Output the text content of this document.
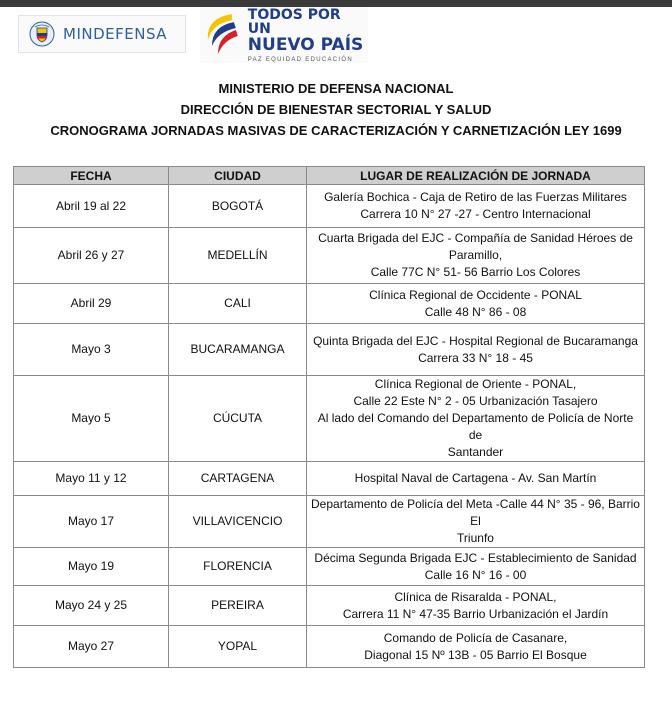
MINDEFENSA
TODOS POR UN
NUEVO PAÍS
PAZ EQUIDAD EDUCACIÓN
MINISTERIO DE DEFENSA NACIONAL
DIRECCIÓN DE BIENESTAR SECTORIAL Y SALUD
CRONOGRAMA JORNADAS MASIVAS DE CARACTERIZACIÓN Y CARNETIZACIÓN LEY 1699
FECHA	CIUDAD	LUGAR DE REALIZACIÓN DE JORNADA
Abril 19 al 22	BOGOTÁ	Galería Bochica - Caja de Retiro de las Fuerzas Militares
Carrera 10 N° 27 -27 - Centro Internacional

Abril 26 y 27	MEDELLÍN	Cuarta Brigada del EJC - Compañía de Sanidad Héroes de
Paramillo,
Calle 77C N° 51- 56 Barrio Los Colores

Abril 29	CALI	Clínica Regional de Occidente - PONAL
Calle 48 N° 86 - 08

Mayo 3	BUCARAMANGA	Quinta Brigada del EJC - Hospital Regional de Bucaramanga
Carrera 33 N° 18 - 45

Mayo 5	CÚCUTA	Clínica Regional de Oriente - PONAL,
Calle 22 Este N° 2 - 05 Urbanización Tasajero
Al lado del Comando del Departamento de Policía de Norte de
Santander

Mayo 11 y 12	CARTAGENA	Hospital Naval de Cartagena - Av. San Martín

Mayo 17	VILLAVICENCIO	Departamento de Policía del Meta -Calle 44 N° 35 - 96, Barrio El
Triunfo

Mayo 19	FLORENCIA	Décima Segunda Brigada EJC - Establecimiento de Sanidad
Calle 16 N° 16 - 00

Mayo 24 y 25	PEREIRA	Clínica de Risaralda - PONAL,
Carrera 11 N° 47-35 Barrio Urbanización el Jardín

Mayo 27	YOPAL	Comando de Policía de Casanare,
Diagonal 15 Nº 13B - 05 Barrio El Bosque
